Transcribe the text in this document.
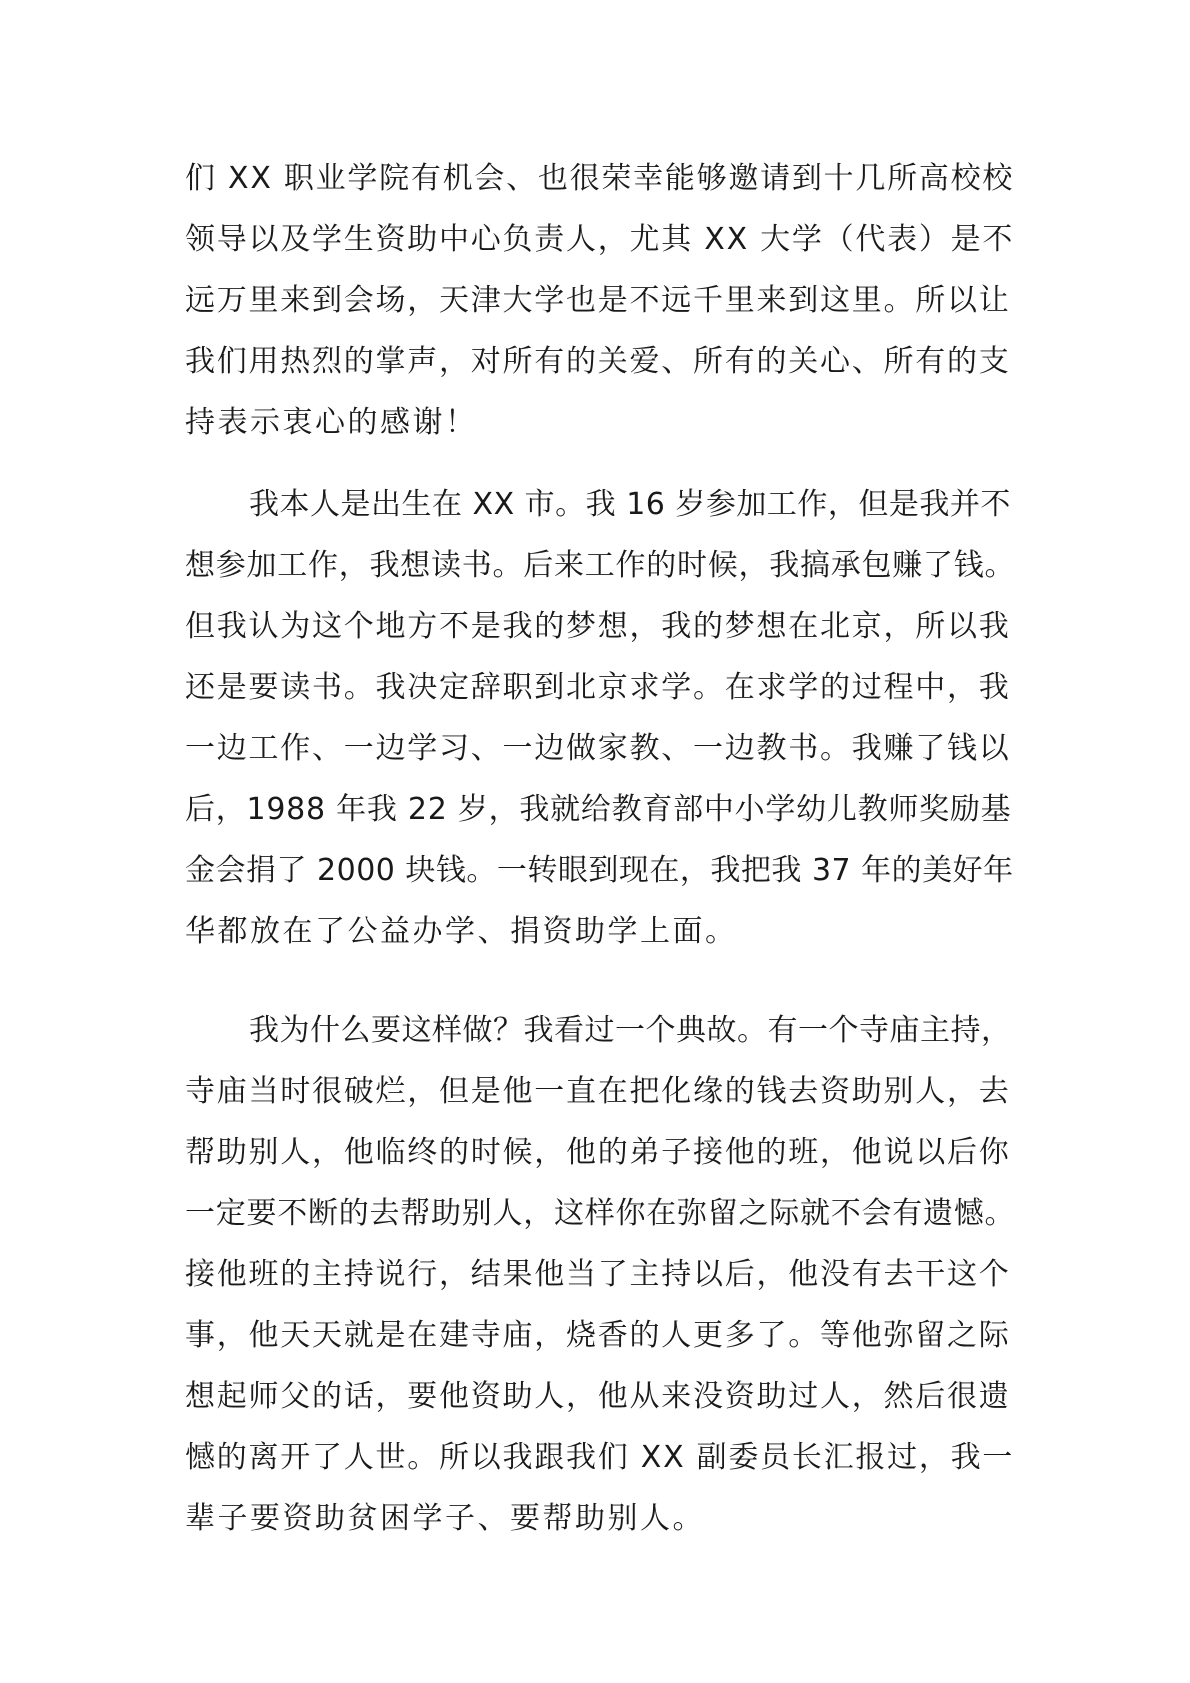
们 XX 职业学院有机会、也很荣幸能够邀请到十几所高校校
领导以及学生资助中心负责人，尤其 XX 大学（代表）是不
远万里来到会场，天津大学也是不远千里来到这里。所以让
我们用热烈的掌声，对所有的关爱、所有的关心、所有的支
持表示衷心的感谢！
我本人是出生在 XX 市。我 16 岁参加工作，但是我并不
想参加工作，我想读书。后来工作的时候，我搞承包赚了钱。
但我认为这个地方不是我的梦想，我的梦想在北京，所以我
还是要读书。我决定辞职到北京求学。在求学的过程中，我
一边工作、一边学习、一边做家教、一边教书。我赚了钱以
后，1988 年我 22 岁，我就给教育部中小学幼儿教师奖励基
金会捐了 2000 块钱。一转眼到现在，我把我 37 年的美好年
华都放在了公益办学、捐资助学上面。
我为什么要这样做？我看过一个典故。有一个寺庙主持，
寺庙当时很破烂，但是他一直在把化缘的钱去资助别人，去
帮助别人，他临终的时候，他的弟子接他的班，他说以后你
一定要不断的去帮助别人，这样你在弥留之际就不会有遗憾。
接他班的主持说行，结果他当了主持以后，他没有去干这个
事，他天天就是在建寺庙，烧香的人更多了。等他弥留之际
想起师父的话，要他资助人，他从来没资助过人，然后很遗
憾的离开了人世。所以我跟我们 XX 副委员长汇报过，我一
辈子要资助贫困学子、要帮助别人。
